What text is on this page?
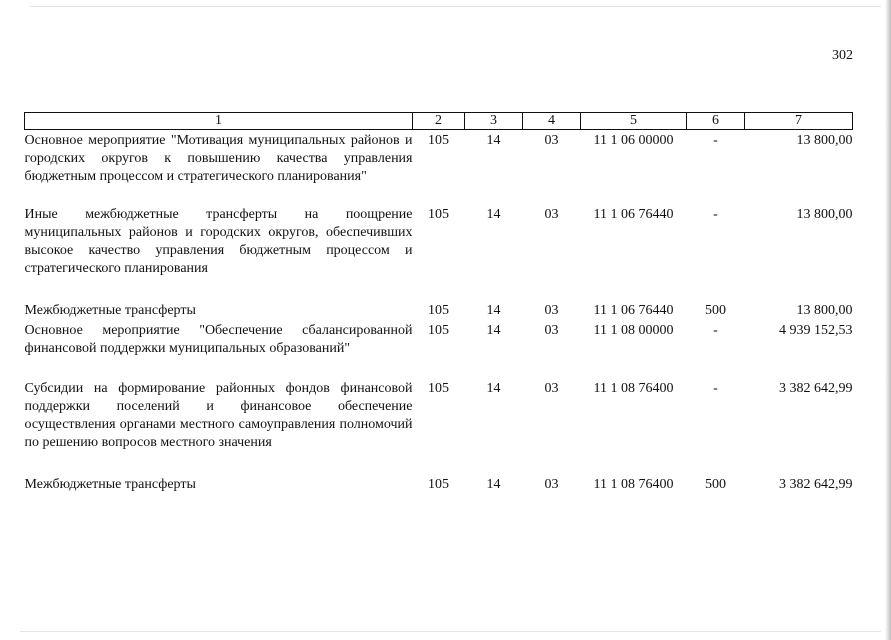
302
1	2	3	4	5	6	7
Основное мероприятие "Мотивация муниципальных районов и городских округов к повышению качества управления бюджетным процессом и стратегического планирования"	105	14	03	11 1 06 00000	-	13 800,00
Иные межбюджетные трансферты на поощрение муниципальных районов и городских округов, обеспечивших высокое качество управления бюджетным процессом и стратегического планирования	105	14	03	11 1 06 76440	-	13 800,00
Межбюджетные трансферты	105	14	03	11 1 06 76440	500	13 800,00
Основное мероприятие "Обеспечение сбалансированной финансовой поддержки муниципальных образований"	105	14	03	11 1 08 00000	-	4 939 152,53
Субсидии на формирование районных фондов финансовой поддержки поселений и финансовое обеспечение осуществления органами местного самоуправления полномочий по решению вопросов местного значения	105	14	03	11 1 08 76400	-	3 382 642,99
Межбюджетные трансферты	105	14	03	11 1 08 76400	500	3 382 642,99
